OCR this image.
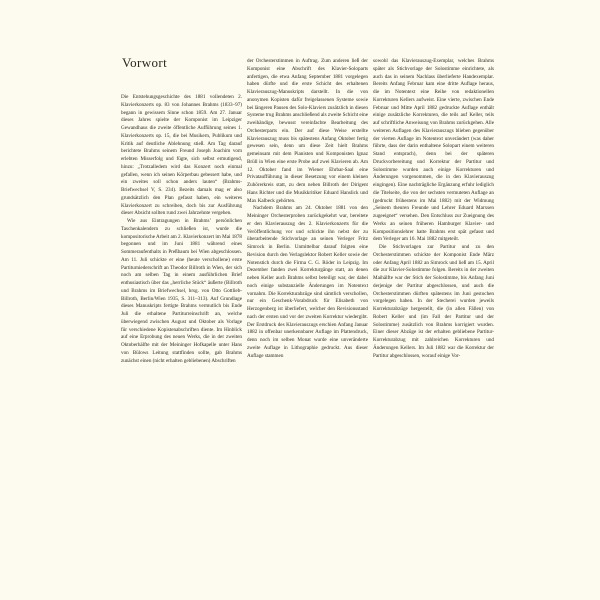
Vorwort

Die Entstehungsgeschichte des 1881 vollendeten 2. Klavierkonzerts op. 83 von Johannes Brahms (1833–97) begann in gewissem Sinne schon 1859. Am 27. Januar dieses Jahres spielte der Komponist im Leipziger Gewandhaus die zweite öffentliche Aufführung seines 1. Klavierkonzerts op. 15, die bei Musikern, Publikum und Kritik auf deutliche Ablehnung stieß. Am Tag darauf berichtete Brahms seinem Freund Joseph Joachim vom erlebten Misserfolg und fügte, sich selbst ermutigend, hinzu: „Trotzalledem wird das Konzert noch einmal gefallen, wenn ich seinen Körperbau gebessert habe, und ein zweites soll schon anders lauten“ (Brahms-Briefwechsel V, S. 234). Bezeits damals mag er also grundsätzlich den Plan gefasst haben, ein weiteres Klavierkonzert zu schreiben, doch bis zur Ausführung dieser Absicht sollten rund zwei Jahrzehnte vergehen.

Wie aus Eintragungen in Brahms’ persönlichen Taschenkalendern zu schließen ist, wurde die kompositorische Arbeit am 2. Klavierkonzert im Mai 1878 begonnen und im Juni 1881 während eines Sommeraufenthalts in Preßbaum bei Wien abgeschlossen. Am 11. Juli schickte er eine (heute verschollene) erste Partiturniederschrift an Theodor Billroth in Wien, der sich noch am selben Tag in einem ausführlichen Brief enthusiastisch über das „herrliche Stück“ äußerte (Billroth und Brahms im Briefwechsel, hrsg. von Otto Gottlieb-Billroth, Berlin/Wien 1935, S. 311–313). Auf Grundlage dieses Manuskripts fertigte Brahms vermutlich bis Ende Juli die erhaltene Partiturreinschrift an, welche überwiegend zwischen August und Oktober als Vorlage für verschiedene Kopistenabschriften diente. Im Hinblick auf eine Erprobung des neuen Werks, die in der zweiten Oktoberhälfte mit der Meininger Hofkapelle unter Hans von Bülows Leitung stattfinden sollte, gab Brahms zunächst einen (nicht erhalten gebliebenen) Abschriften

der Orchesterstimmen in Auftrag. Zum anderen ließ der Komponist eine Abschrift des Klavier-Soloparts anfertigen, die etwa Anfang September 1881 vorgelegen haben dürfte und die erste Schicht des erhaltenen Klavierauszug-Manuskripts darstellt. In die von anonymen Kopisten dafür freigelassenen Systeme sowie bei längeren Pausen des Solo-Klaviers zusätzlich in diesen Systeme trug Brahms anschließend als zweite Schicht eine zweihändige, bewusst vereinfachte Bearbeitung des Orchesterparts ein. Der auf diese Weise erstellte Klavierauszug muss bis spätestens Anfang Oktober fertig gewesen sein, denn um diese Zeit hielt Brahms gemeinsam mit dem Pianisten und Komponisten Ignaz Brüll in Wien eine erste Probe auf zwei Klavieren ab. Am 12. Oktober fand im Wiener Ehrbar-Saal eine Privataufführung in dieser Besetzung vor einem kleinen Zuhörerkreis statt, zu dem neben Billroth der Dirigent Hans Richter und die Musikkritiker Eduard Hanslick und Max Kalbeck gehörten.

Nachdem Brahms am 24. Oktober 1881 von den Meininger Orchesterproben zurückgekehrt war, bereitete er den Klavierauszug des 2. Klavierkonzerts für die Veröffentlichung vor und schickte ihn nebst der zu überarbeitende Stichvorlage an seinen Verleger Fritz Simrock in Berlin. Unmittelbar darauf folgten eine Revision durch den Verlagslektor Robert Keller sowie der Notenstich durch die Firma C. G. Röder in Leipzig. Im Dezember fanden zwei Korrekturgänge statt, an denen neben Keller auch Brahms selbst beteiligt war, der dabei noch einige substanzielle Änderungen im Notentext vornahm. Die Korrekturabzüge sind sämtlich verschollen, nur ein Geschenk-Vorabdruck für Elisabeth von Herzogenberg ist überliefert, welcher den Revisionsstand nach der ersten und vor der zweiten Korrektur wiedergibt. Der Erstdruck des Klavierauszugs erschien Anfang Januar 1882 in offenbar unerkennbarer Auflage im Plattendruck, denn noch im selben Monat wurde eine unveränderte zweite Auflage in Lithographie gedruckt. Aus dieser Auflage stammen

sowohl das Klavierauszug-Exemplar, welches Brahms später als Stichvorlage der Solostimme einrichtete, als auch das in seinem Nachlass überlieferte Handexemplar. Bereits Anfang Februar kam eine dritte Auflage heraus, die im Notentext eine Reihe von redaktionellen Korrekturen Kellers aufweist. Eine vierte, zwischen Ende Februar und Mitte April 1882 gedruckte Auflage enthält einige zusätzliche Korrekturen, die teils auf Keller, teils auf schriftliche Anweisung von Brahms zurückgehen. Alle weiteren Auflagen des Klavierauszugs blieben gegenüber der vierten Auflage im Notentext unverändert (was daher führte, dass der darin enthaltene Solopart einem weiteren Stand entsprach), denn bei der späteren Druckvorbereitung und Korrektur der Partitur und Solostimme wurden auch einige Korrekturen und Änderungen vorgenommen, die in den Klavierauszug eingingen). Eine nachträgliche Ergänzung erfuhr lediglich die Titelseite, die von der sechsten vermuteten Auflage an (gedruckt frühestens im Mai 1882) mit der Widmung „Seinem theuren Freunde und Lehrer Eduard Marxsen zugeeignet“ versehen. Den Entschluss zur Zueignung des Werks an seinen früheren Hamburger Klavier- und Kompositionslehrer hatte Brahms erst spät gefasst und dem Verleger am 16. Mai 1882 mitgeteilt.

Die Stichvorlagen zur Partitur und zu den Orchesterstimmen schickte der Komponist Ende März oder Anfang April 1882 an Simrock und ließ am 15. April die zur Klavier-Solostimme folgen. Bereits in der zweiten Maihälfte war der Stich der Solostimme, bis Anfang Juni derjenige der Partitur abgeschlossen, und auch die Orchesterstimmen dürften spätestens im Juni gestochen vorgelegen haben. In der Stecherei wurden jeweils Korrekturabzüge hergestellt, die (in allen Fällen) von Robert Keller und (im Fall der Partitur und der Solostimme) zusätzlich von Brahms korrigiert wurden. Einer dieser Abzüge ist der erhalten gebliebene Partitur-Korrekturabzug mit zahlreichen Korrekturen und Änderungen Kellers. Im Juli 1882 war die Korrektur der Partitur abgeschlossen, worauf einige Vor-
